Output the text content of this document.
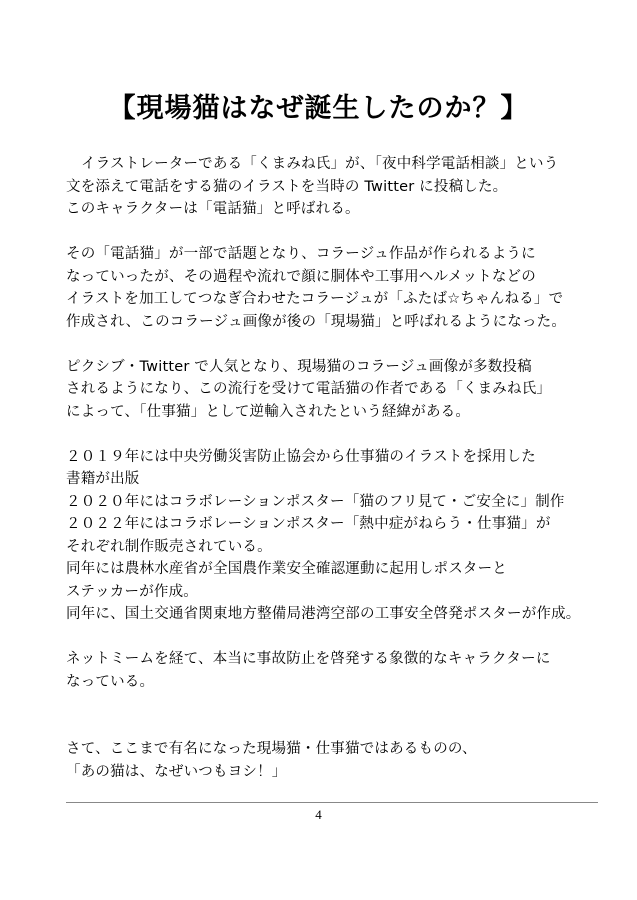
【現場猫はなぜ誕生したのか？】
イラストレーターである「くまみね氏」が、「夜中科学電話相談」という
文を添えて電話をする猫のイラストを当時の Twitter に投稿した。
このキャラクターは「電話猫」と呼ばれる。
その「電話猫」が一部で話題となり、コラージュ作品が作られるように
なっていったが、その過程や流れで顔に胴体や工事用ヘルメットなどの
イラストを加工してつなぎ合わせたコラージュが「ふたば☆ちゃんねる」で
作成され、このコラージュ画像が後の「現場猫」と呼ばれるようになった。
ピクシブ・Twitter で人気となり、現場猫のコラージュ画像が多数投稿
されるようになり、この流行を受けて電話猫の作者である「くまみね氏」
によって、「仕事猫」として逆輸入されたという経緯がある。
２０１９年には中央労働災害防止協会から仕事猫のイラストを採用した
書籍が出版
２０２０年にはコラボレーションポスター「猫のフリ見て・ご安全に」制作
２０２２年にはコラボレーションポスター「熱中症がねらう・仕事猫」が
それぞれ制作販売されている。
同年には農林水産省が全国農作業安全確認運動に起用しポスターと
ステッカーが作成。
同年に、国土交通省関東地方整備局港湾空部の工事安全啓発ポスターが作成。
ネットミームを経て、本当に事故防止を啓発する象徴的なキャラクターに
なっている。
さて、ここまで有名になった現場猫・仕事猫ではあるものの、
「あの猫は、なぜいつもヨシ！」
4
